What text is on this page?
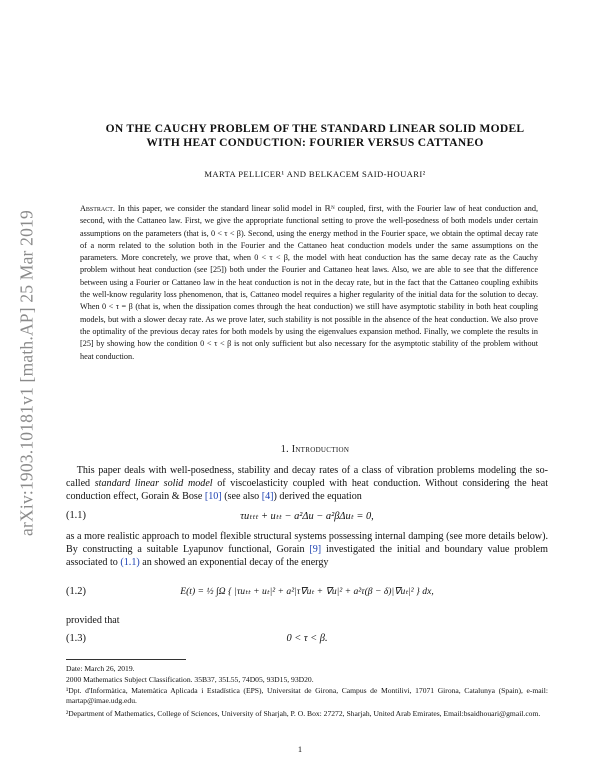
arXiv:1903.10181v1 [math.AP] 25 Mar 2019
ON THE CAUCHY PROBLEM OF THE STANDARD LINEAR SOLID MODEL
WITH HEAT CONDUCTION: FOURIER VERSUS CATTANEO
MARTA PELLICER¹ AND BELKACEM SAID-HOUARI²
Abstract. In this paper, we consider the standard linear solid model in ℝᴺ coupled, first, with the Fourier law of heat conduction and, second, with the Cattaneo law. First, we give the appropriate functional setting to prove the well-posedness of both models under certain assumptions on the parameters (that is, 0 < τ < β). Second, using the energy method in the Fourier space, we obtain the optimal decay rate of a norm related to the solution both in the Fourier and the Cattaneo heat conduction models under the same assumptions on the parameters. More concretely, we prove that, when 0 < τ < β, the model with heat conduction has the same decay rate as the Cauchy problem without heat conduction (see [25]) both under the Fourier and Cattaneo heat laws. Also, we are able to see that the difference between using a Fourier or Cattaneo law in the heat conduction is not in the decay rate, but in the fact that the Cattaneo coupling exhibits the well-know regularity loss phenomenon, that is, Cattaneo model requires a higher regularity of the initial data for the solution to decay. When 0 < τ = β (that is, when the dissipation comes through the heat conduction) we still have asymptotic stability in both heat coupling models, but with a slower decay rate. As we prove later, such stability is not possible in the absence of the heat conduction. We also prove the optimality of the previous decay rates for both models by using the eigenvalues expansion method. Finally, we complete the results in [25] by showing how the condition 0 < τ < β is not only sufficient but also necessary for the asymptotic stability of the problem without heat conduction.
1. Introduction
This paper deals with well-posedness, stability and decay rates of a class of vibration problems modeling the so-called standard linear solid model of viscoelasticity coupled with heat conduction. Without considering the heat conduction effect, Gorain & Bose [10] (see also [4]) derived the equation
(1.1)	τuₜₜₜ + uₜₜ − a²Δu − a²βΔuₜ = 0,
as a more realistic approach to model flexible structural systems possessing internal damping (see more details below). By constructing a suitable Lyapunov functional, Gorain [9] investigated the initial and boundary value problem associated to (1.1) an showed an exponential decay of the energy
(1.2)	E(t) = ½ ∫Ω { |τuₜₜ + uₜ|² + a²|τ∇uₜ + ∇u|² + a²τ(β − δ)|∇uₜ|² } dx,
provided that
(1.3)	0 < τ < β.
Date: March 26, 2019.
2000 Mathematics Subject Classification. 35B37, 35L55, 74D05, 93D15, 93D20.
¹Dpt. d'Informàtica, Matemàtica Aplicada i Estadística (EPS), Universitat de Girona, Campus de Montilivi, 17071 Girona, Catalunya (Spain), e-mail: martap@imae.udg.edu.
²Department of Mathematics, College of Sciences, University of Sharjah, P. O. Box: 27272, Sharjah, United Arab Emirates, Email:bsaidhouari@gmail.com.
1
